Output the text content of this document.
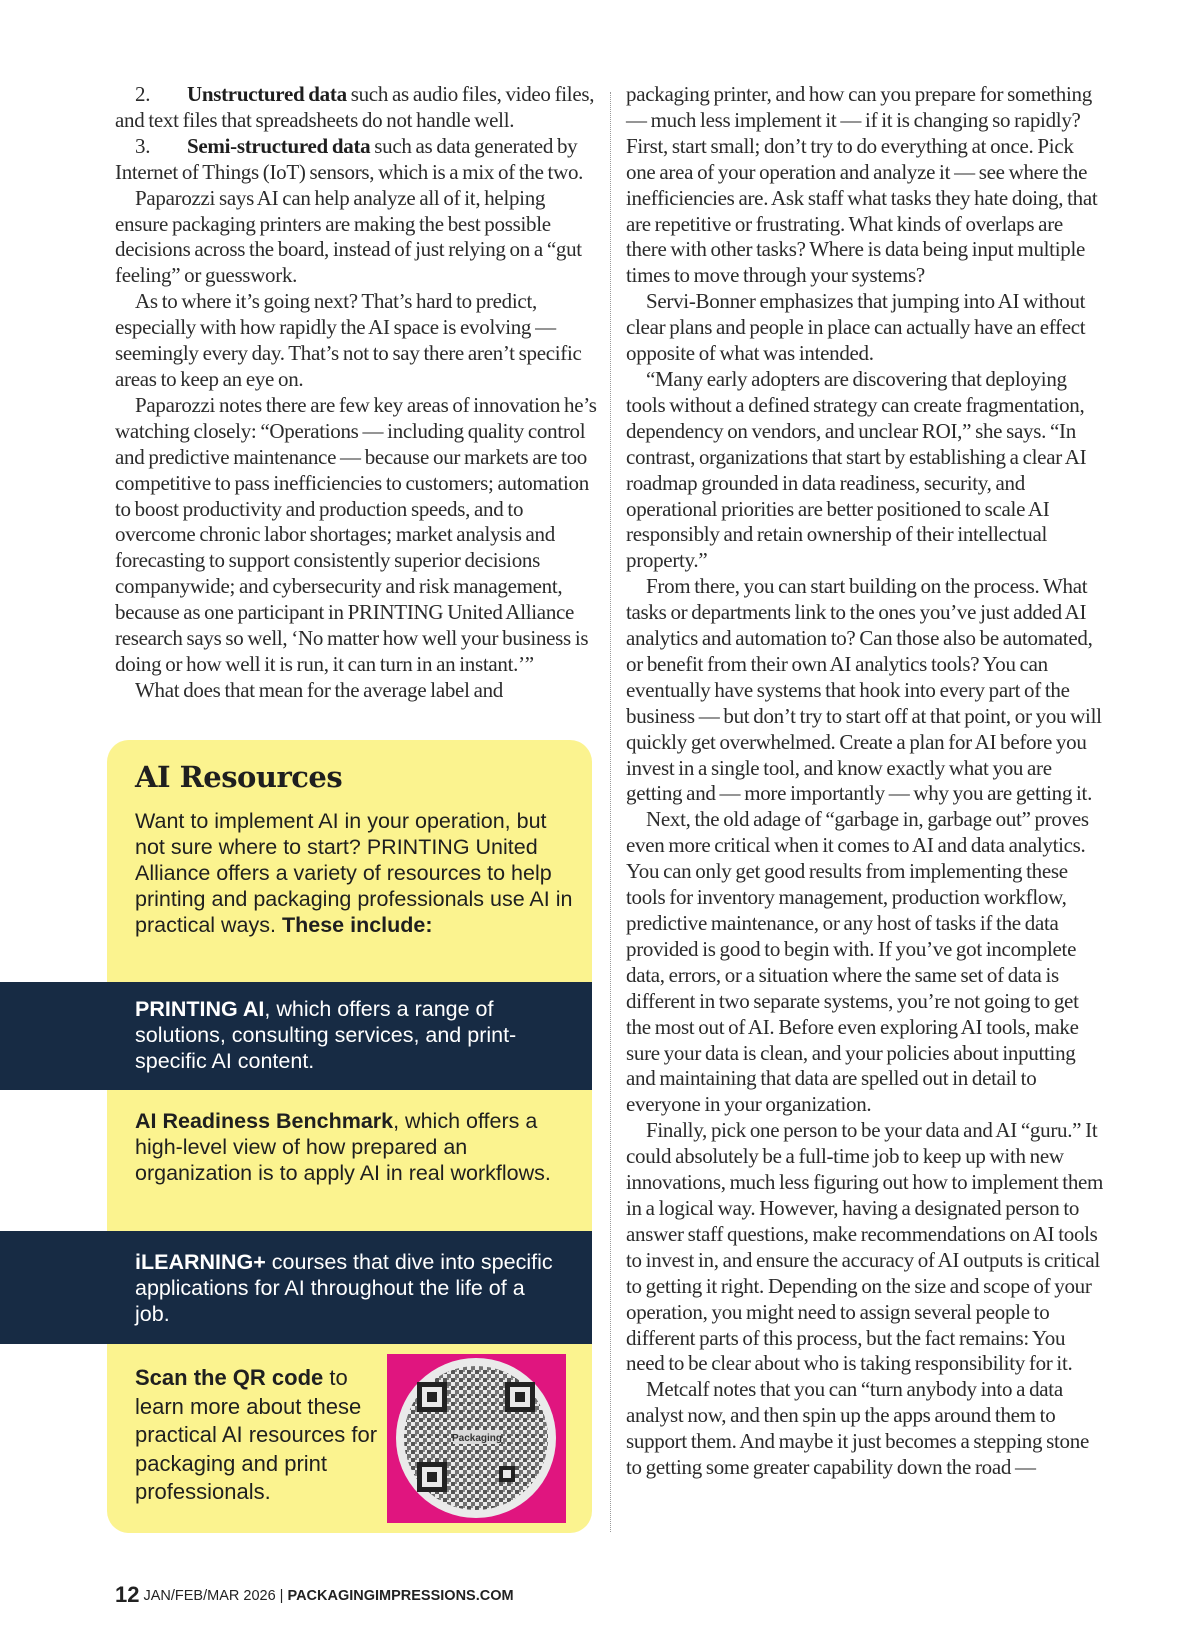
2. Unstructured data such as audio files, video files, and text files that spreadsheets do not handle well.

3. Semi-structured data such as data generated by Internet of Things (IoT) sensors, which is a mix of the two.

Paparozzi says AI can help analyze all of it, helping ensure packaging printers are making the best possible decisions across the board, instead of just relying on a “gut feeling” or guesswork.

As to where it’s going next? That’s hard to predict, especially with how rapidly the AI space is evolving — seemingly every day. That’s not to say there aren’t specific areas to keep an eye on.

Paparozzi notes there are few key areas of innovation he’s watching closely: “Operations — including quality control and predictive maintenance — because our markets are too competitive to pass inefficiencies to customers; automation to boost productivity and production speeds, and to overcome chronic labor shortages; market analysis and forecasting to support consistently superior decisions companywide; and cybersecurity and risk management, because as one participant in PRINTING United Alliance research says so well, ‘No matter how well your business is doing or how well it is run, it can turn in an instant.’”

What does that mean for the average label and

packaging printer, and how can you prepare for something — much less implement it — if it is changing so rapidly? First, start small; don’t try to do everything at once. Pick one area of your operation and analyze it — see where the inefficiencies are. Ask staff what tasks they hate doing, that are repetitive or frustrating. What kinds of overlaps are there with other tasks? Where is data being input multiple times to move through your systems?

Servi-Bonner emphasizes that jumping into AI without clear plans and people in place can actually have an effect opposite of what was intended.

“Many early adopters are discovering that deploying tools without a defined strategy can create fragmentation, dependency on vendors, and unclear ROI,” she says. “In contrast, organizations that start by establishing a clear AI roadmap grounded in data readiness, security, and operational priorities are better positioned to scale AI responsibly and retain ownership of their intellectual property.”

From there, you can start building on the process. What tasks or departments link to the ones you’ve just added AI analytics and automation to? Can those also be automated, or benefit from their own AI analytics tools? You can eventually have systems that hook into every part of the business — but don’t try to start off at that point, or you will quickly get overwhelmed. Create a plan for AI before you invest in a single tool, and know exactly what you are getting and — more importantly — why you are getting it.

Next, the old adage of “garbage in, garbage out” proves even more critical when it comes to AI and data analytics. You can only get good results from implementing these tools for inventory management, production workflow, predictive maintenance, or any host of tasks if the data provided is good to begin with. If you’ve got incomplete data, errors, or a situation where the same set of data is different in two separate systems, you’re not going to get the most out of AI. Before even exploring AI tools, make sure your data is clean, and your policies about inputting and maintaining that data are spelled out in detail to everyone in your organization.

Finally, pick one person to be your data and AI “guru.” It could absolutely be a full-time job to keep up with new innovations, much less figuring out how to implement them in a logical way. However, having a designated person to answer staff questions, make recommendations on AI tools to invest in, and ensure the accuracy of AI outputs is critical to getting it right. Depending on the size and scope of your operation, you might need to assign several people to different parts of this process, but the fact remains: You need to be clear about who is taking responsibility for it.

Metcalf notes that you can “turn anybody into a data analyst now, and then spin up the apps around them to support them. And maybe it just becomes a stepping stone to getting some greater capability down the road —

AI Resources
Want to implement AI in your operation, but not sure where to start? PRINTING United Alliance offers a variety of resources to help printing and packaging professionals use AI in practical ways. These include:
PRINTING AI, which offers a range of solutions, consulting services, and print-specific AI content.
AI Readiness Benchmark, which offers a high-level view of how prepared an organization is to apply AI in real workflows.
iLEARNING+ courses that dive into specific applications for AI throughout the life of a job.
Scan the QR code to learn more about these practical AI resources for packaging and print professionals.
Packaging
12 JAN/FEB/MAR 2026 | PACKAGINGIMPRESSIONS.COM
